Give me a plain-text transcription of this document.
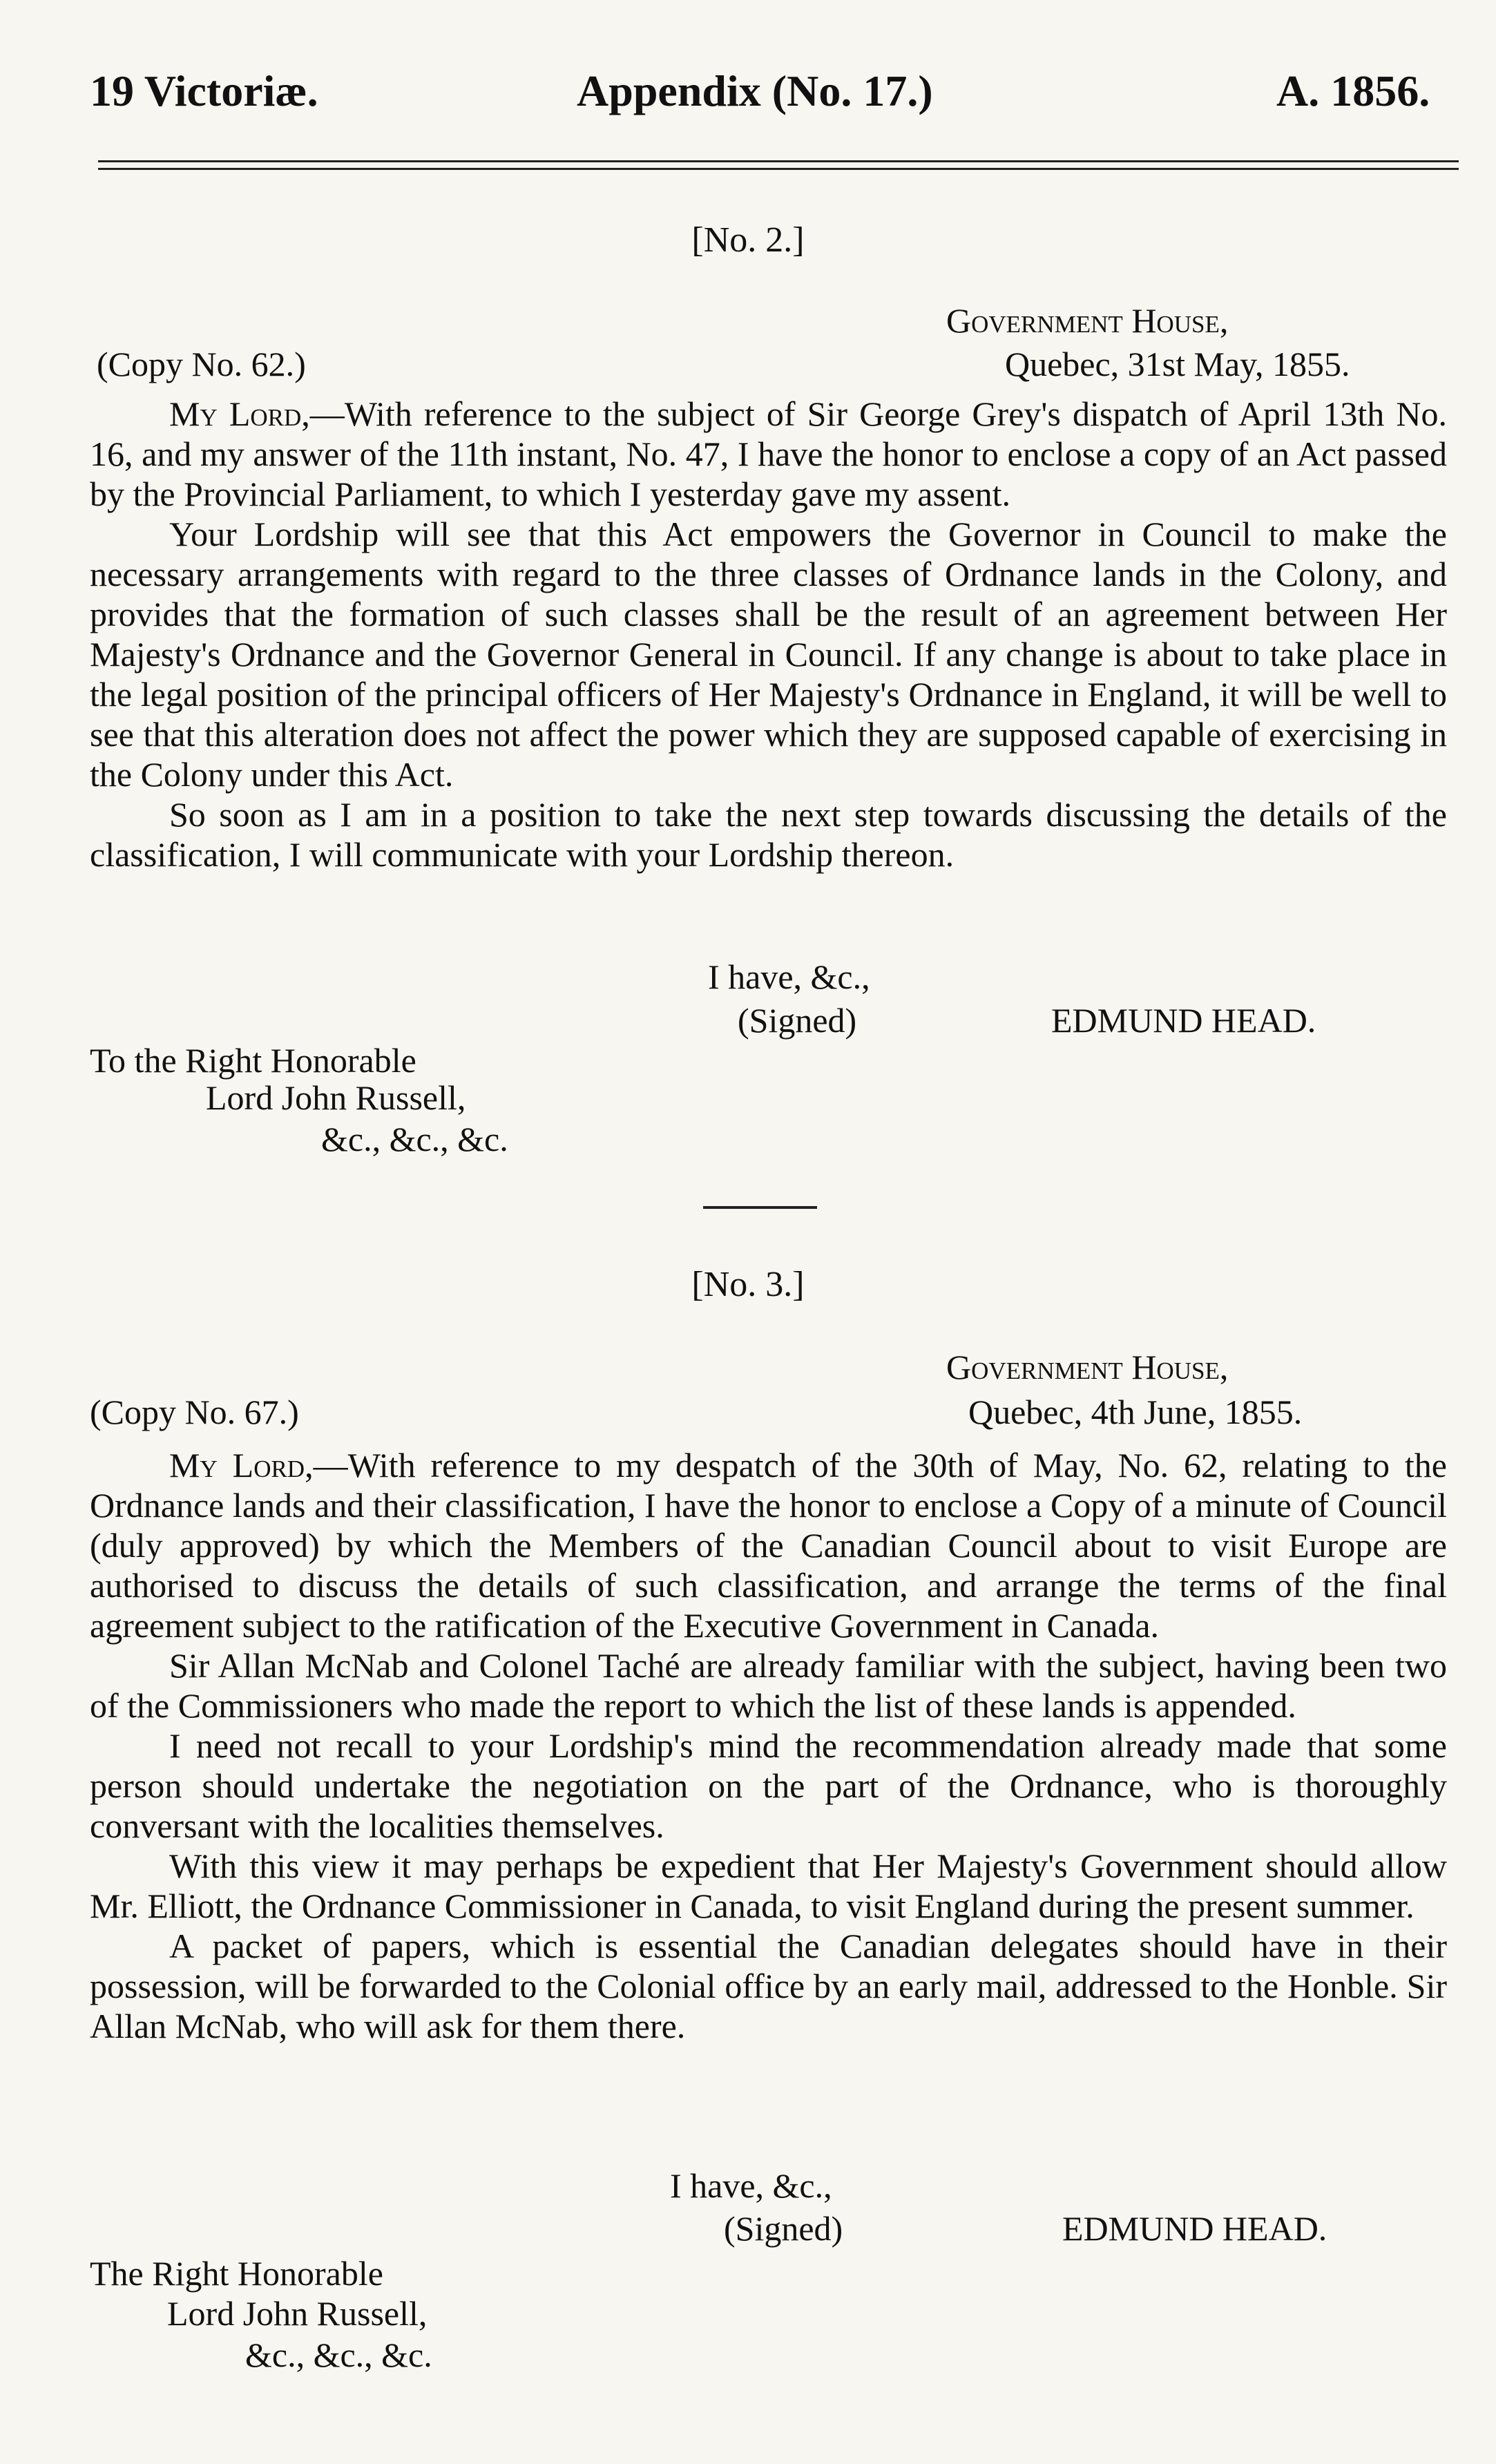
19 Victoriæ.	Appendix (No. 17.)	A. 1856.
[No. 2.]
Government House,
(Copy No. 62.)	Quebec, 31st May, 1855.

My Lord,—With reference to the subject of Sir George Grey's dispatch of April 13th No. 16, and my answer of the 11th instant, No. 47, I have the honor to enclose a copy of an Act passed by the Provincial Parliament, to which I yesterday gave my assent.

Your Lordship will see that this Act empowers the Governor in Council to make the necessary arrangements with regard to the three classes of Ordnance lands in the Colony, and provides that the formation of such classes shall be the result of an agreement between Her Majesty's Ordnance and the Governor General in Council. If any change is about to take place in the legal position of the principal officers of Her Majesty's Ordnance in England, it will be well to see that this alteration does not affect the power which they are supposed capable of exercising in the Colony under this Act.

So soon as I am in a position to take the next step towards discussing the details of the classification, I will communicate with your Lordship thereon.

I have, &c.,
(Signed)	EDMUND HEAD.
To the Right Honorable
Lord John Russell,
&c., &c., &c.
[No. 3.]
Government House,
(Copy No. 67.)	Quebec, 4th June, 1855.

My Lord,—With reference to my despatch of the 30th of May, No. 62, relating to the Ordnance lands and their classification, I have the honor to enclose a Copy of a minute of Council (duly approved) by which the Members of the Canadian Council about to visit Europe are authorised to discuss the details of such classification, and arrange the terms of the final agreement subject to the ratification of the Executive Government in Canada.

Sir Allan McNab and Colonel Taché are already familiar with the subject, having been two of the Commissioners who made the report to which the list of these lands is appended.

I need not recall to your Lordship's mind the recommendation already made that some person should undertake the negotiation on the part of the Ordnance, who is thoroughly conversant with the localities themselves.

With this view it may perhaps be expedient that Her Majesty's Government should allow Mr. Elliott, the Ordnance Commissioner in Canada, to visit England during the present summer.

A packet of papers, which is essential the Canadian delegates should have in their possession, will be forwarded to the Colonial office by an early mail, addressed to the Honble. Sir Allan McNab, who will ask for them there.

I have, &c.,
(Signed)	EDMUND HEAD.
The Right Honorable
Lord John Russell,
&c., &c., &c.
